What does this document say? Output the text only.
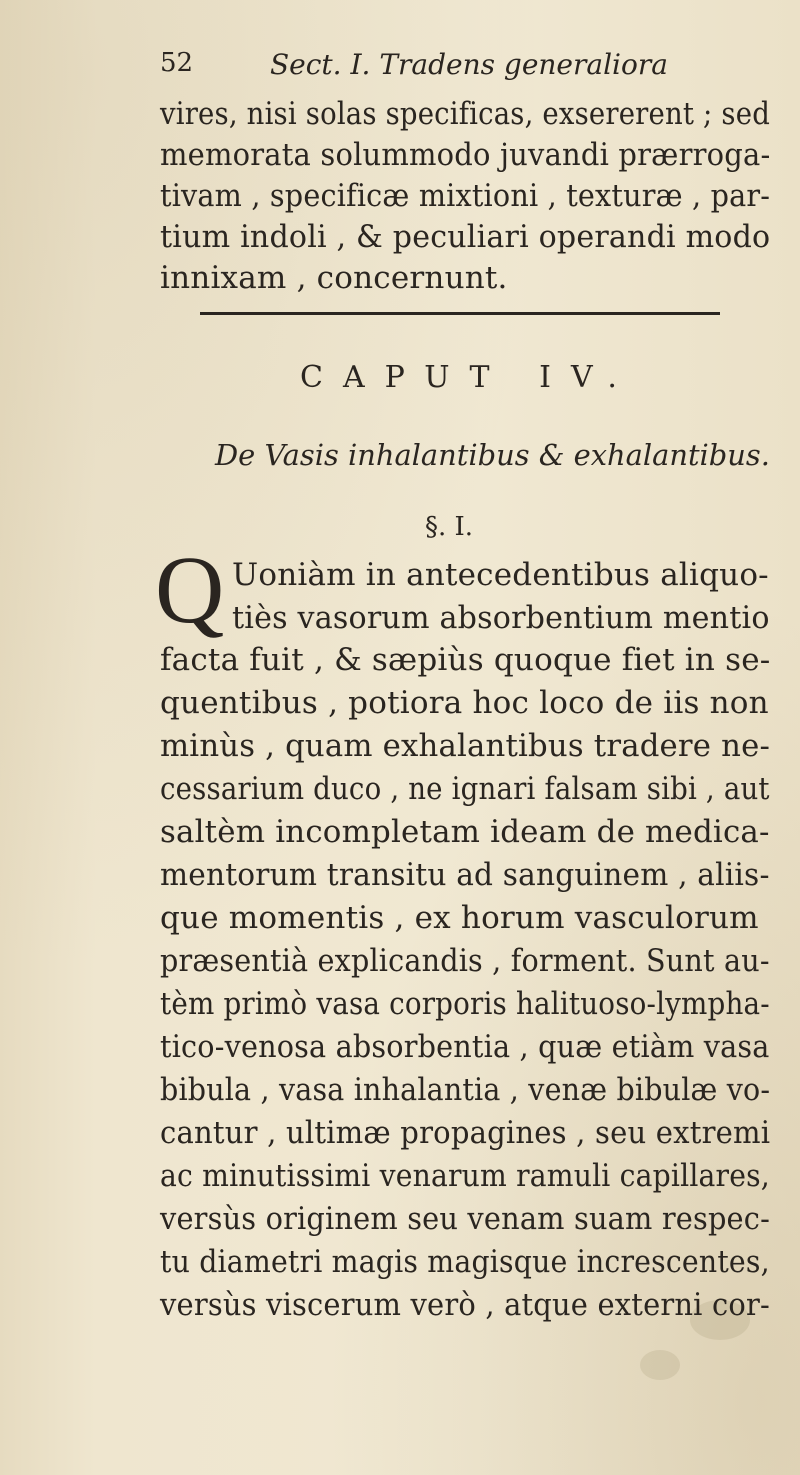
52	Sect. I. Tradens generaliora
vires, nisi solas specificas, exsererent ; sed
memorata solummodo juvandi prærroga-
tivam , specificæ mixtioni , texturæ , par-
tium indoli , & peculiari operandi modo
innixam , concernunt.
CAPUT IV.
De Vasis inhalantibus & exhalantibus.
§. I.
Q Uoniàm in antecedentibus aliquo-
tiès vasorum absorbentium mentio
facta fuit , & sæpiùs quoque fiet in se-
quentibus , potiora hoc loco de iis non
minùs , quam exhalantibus tradere ne-
cessarium duco , ne ignari falsam sibi , aut
saltèm incompletam ideam de medica-
mentorum transitu ad sanguinem , aliis-
que momentis , ex horum vasculorum
præsentià explicandis , forment. Sunt au-
tèm primò vasa corporis halituoso-lympha-
tico-venosa absorbentia , quæ etiàm vasa
bibula , vasa inhalantia , venæ bibulæ vo-
cantur , ultimæ propagines , seu extremi
ac minutissimi venarum ramuli capillares,
versùs originem seu venam suam respec-
tu diametri magis magisque increscentes,
versùs viscerum verò , atque externi cor-
